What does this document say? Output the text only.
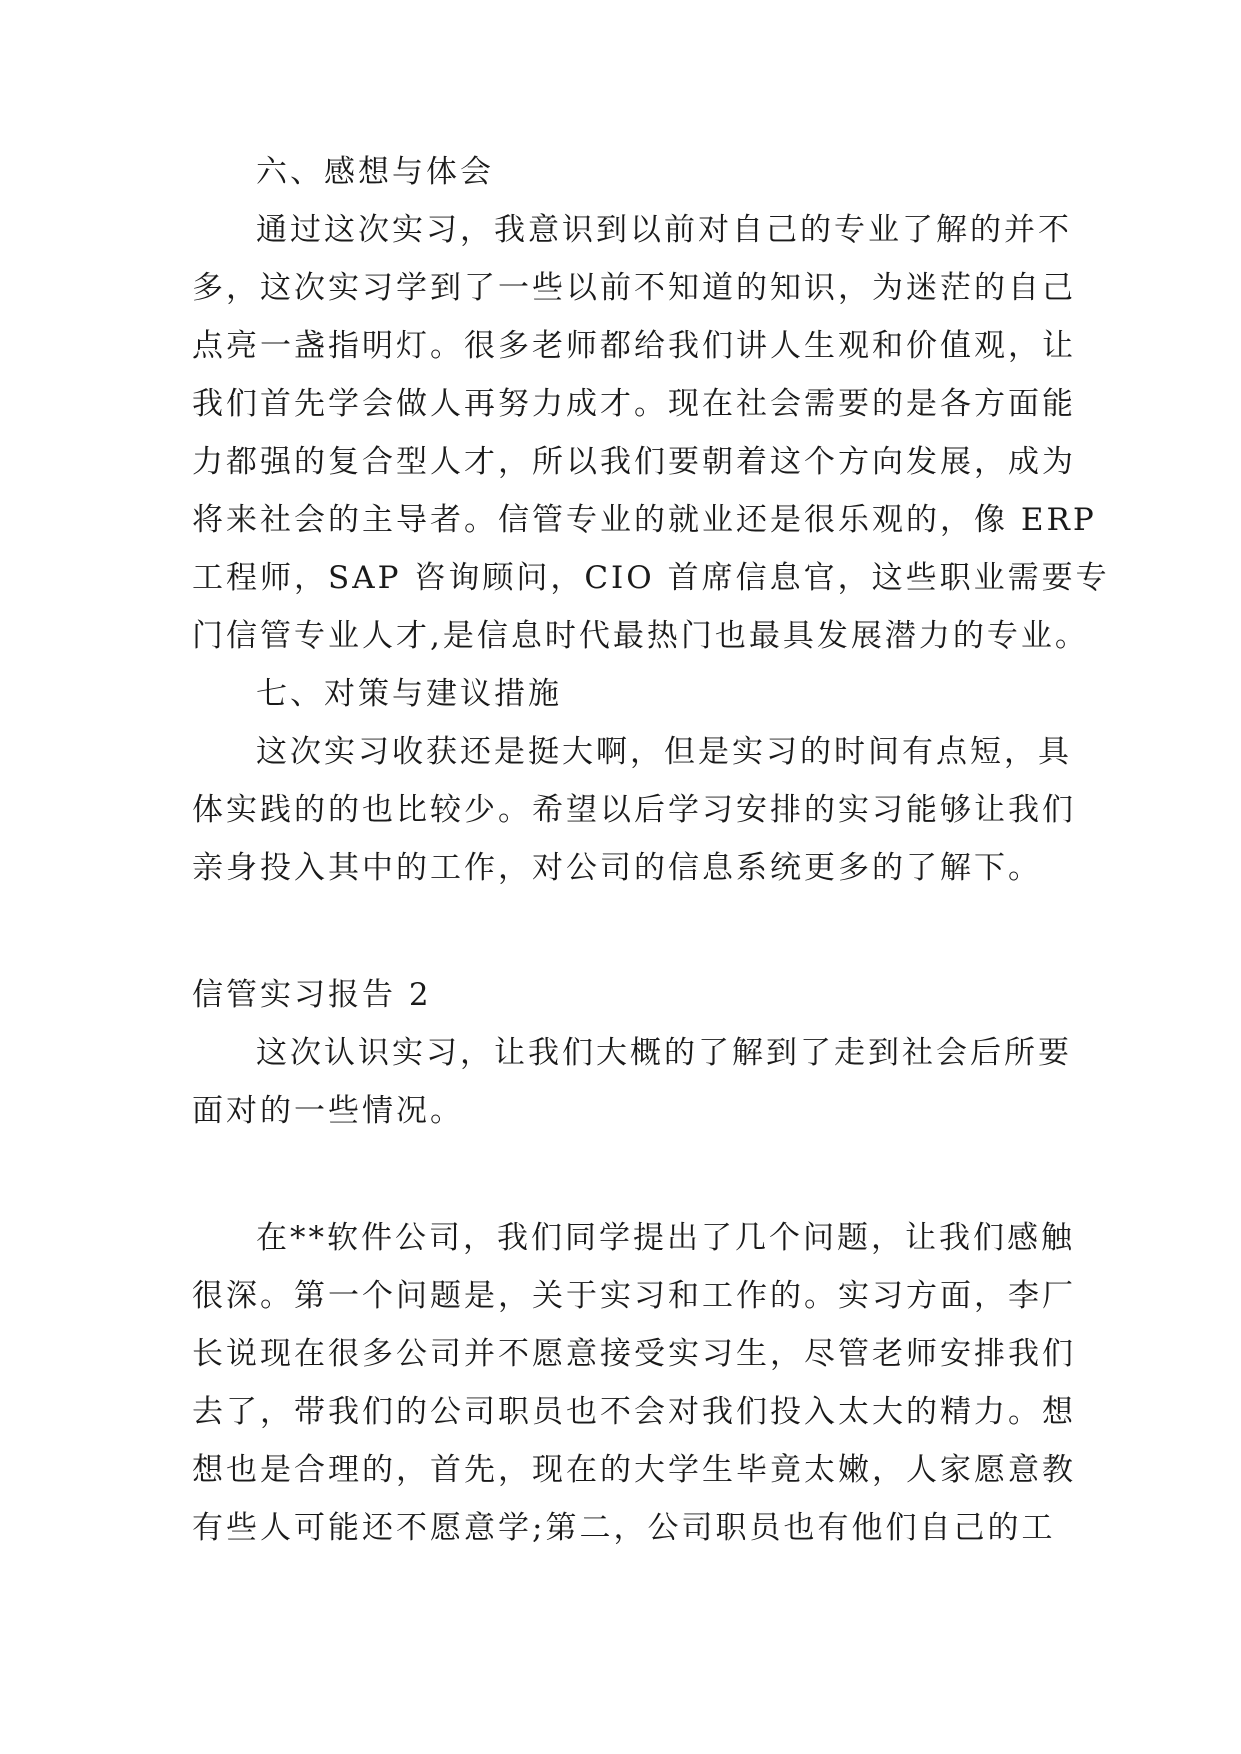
六、感想与体会
通过这次实习，我意识到以前对自己的专业了解的并不
多，这次实习学到了一些以前不知道的知识，为迷茫的自己
点亮一盏指明灯。很多老师都给我们讲人生观和价值观，让
我们首先学会做人再努力成才。现在社会需要的是各方面能
力都强的复合型人才，所以我们要朝着这个方向发展，成为
将来社会的主导者。信管专业的就业还是很乐观的，像 ERP
工程师，SAP 咨询顾问，CIO 首席信息官，这些职业需要专
门信管专业人才,是信息时代最热门也最具发展潜力的专业。
七、对策与建议措施
这次实习收获还是挺大啊，但是实习的时间有点短，具
体实践的的也比较少。希望以后学习安排的实习能够让我们
亲身投入其中的工作，对公司的信息系统更多的了解下。
信管实习报告 2
这次认识实习，让我们大概的了解到了走到社会后所要
面对的一些情况。
在**软件公司，我们同学提出了几个问题，让我们感触
很深。第一个问题是，关于实习和工作的。实习方面，李厂
长说现在很多公司并不愿意接受实习生，尽管老师安排我们
去了，带我们的公司职员也不会对我们投入太大的精力。想
想也是合理的，首先，现在的大学生毕竟太嫩，人家愿意教
有些人可能还不愿意学;第二，公司职员也有他们自己的工
